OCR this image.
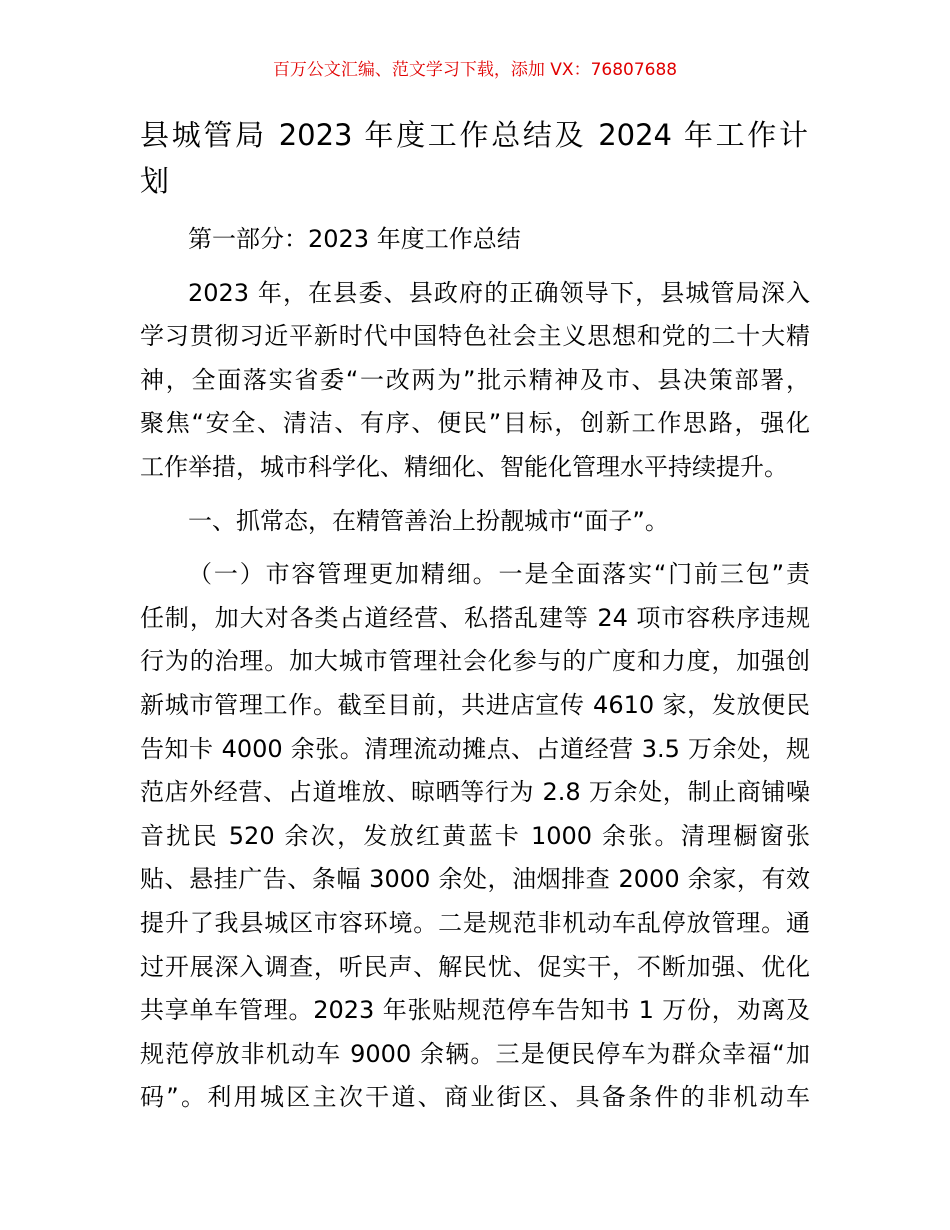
百万公文汇编、范文学习下载，添加 VX：76807688
县城管局 2023 年度工作总结及 2024 年工作计
划

第一部分：2023 年度工作总结

2023 年，在县委、县政府的正确领导下，县城管局深入
学习贯彻习近平新时代中国特色社会主义思想和党的二十大精
神，全面落实省委“一改两为”批示精神及市、县决策部署，
聚焦“安全、清洁、有序、便民”目标，创新工作思路，强化
工作举措，城市科学化、精细化、智能化管理水平持续提升。

一、抓常态，在精管善治上扮靓城市“面子”。

（一）市容管理更加精细。一是全面落实“门前三包”责
任制，加大对各类占道经营、私搭乱建等 24 项市容秩序违规
行为的治理。加大城市管理社会化参与的广度和力度，加强创
新城市管理工作。截至目前，共进店宣传 4610 家，发放便民
告知卡 4000 余张。清理流动摊点、占道经营 3.5 万余处，规
范店外经营、占道堆放、晾晒等行为 2.8 万余处，制止商铺噪
音扰民 520 余次，发放红黄蓝卡 1000 余张。清理橱窗张
贴、悬挂广告、条幅 3000 余处，油烟排查 2000 余家，有效
提升了我县城区市容环境。二是规范非机动车乱停放管理。通
过开展深入调查，听民声、解民忧、促实干，不断加强、优化
共享单车管理。2023 年张贴规范停车告知书 1 万份，劝离及
规范停放非机动车 9000 余辆。三是便民停车为群众幸福“加
码”。利用城区主次干道、商业街区、具备条件的非机动车
